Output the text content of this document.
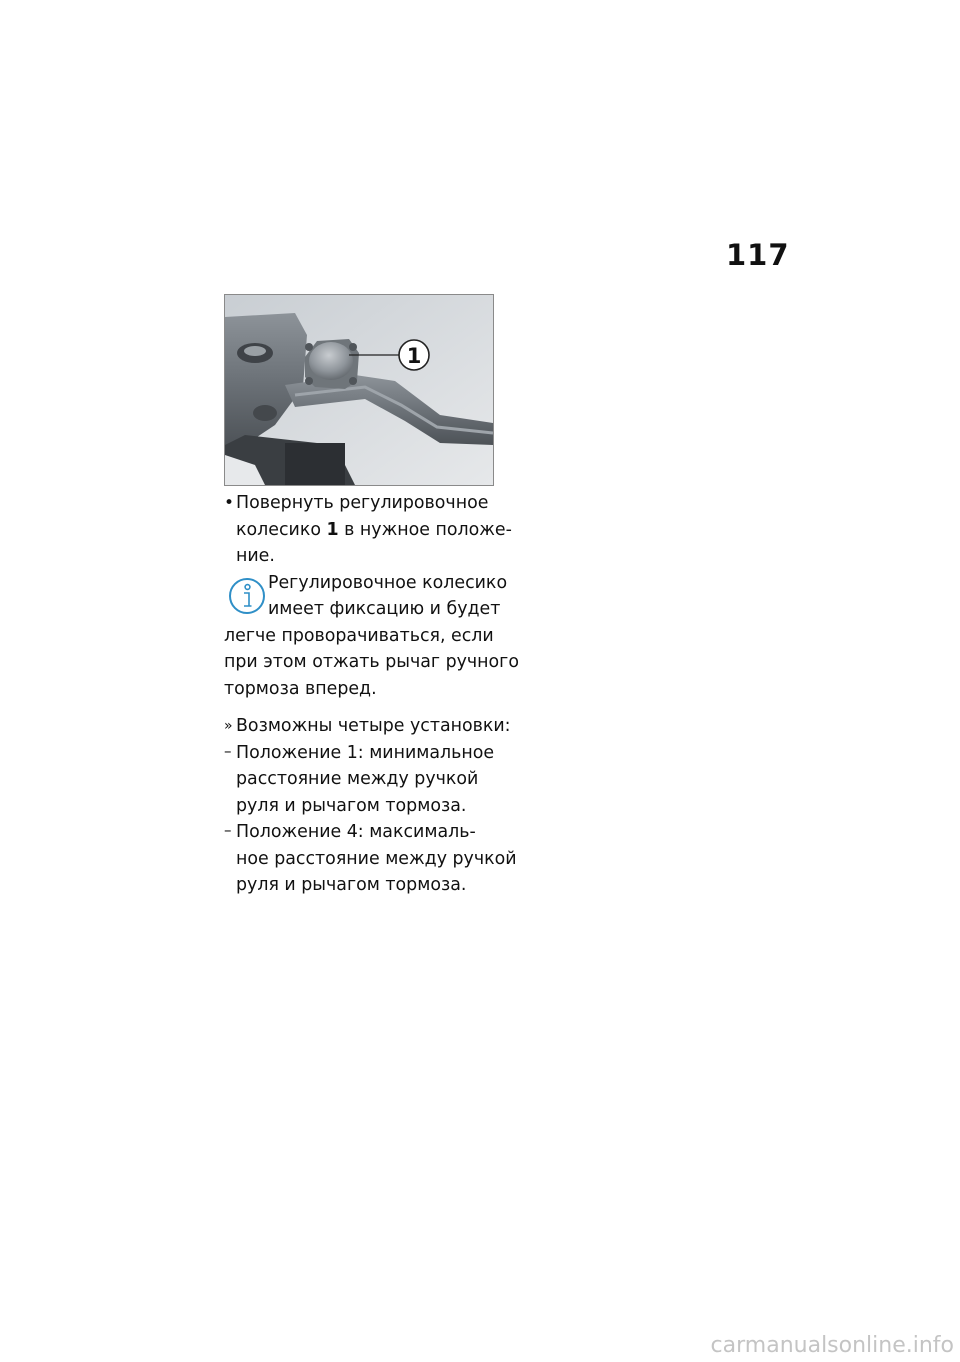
117
1
• Повернуть регулировочное
колесико 1 в нужное положе-
ние.
Регулировочное колесико
имеет фиксацию и будет
легче проворачиваться, если
при этом отжать рычаг ручного
тормоза вперед.
» Возможны четыре установки:
– Положение 1: минимальное
расстояние между ручкой
руля и рычагом тормоза.
– Положение 4: максималь-
ное расстояние между ручкой
руля и рычагом тормоза.
carmanualsonline.info
